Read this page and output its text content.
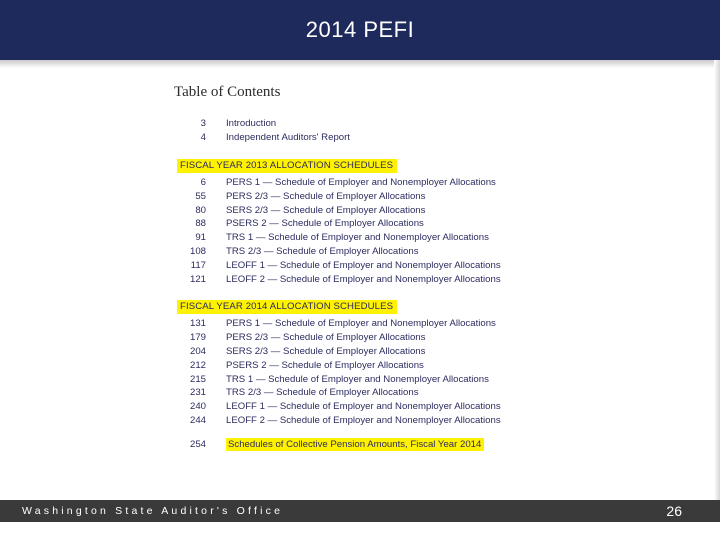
2014 PEFI
Table of Contents
3	Introduction
4	Independent Auditors' Report
FISCAL YEAR 2013 ALLOCATION SCHEDULES
6	PERS 1 — Schedule of Employer and Nonemployer Allocations
55	PERS 2/3 — Schedule of Employer Allocations
80	SERS 2/3 — Schedule of Employer Allocations
88	PSERS 2 — Schedule of Employer Allocations
91	TRS 1 — Schedule of Employer and Nonemployer Allocations
108	TRS 2/3 — Schedule of Employer Allocations
117	LEOFF 1 — Schedule of Employer and Nonemployer Allocations
121	LEOFF 2 — Schedule of Employer and Nonemployer Allocations
FISCAL YEAR 2014 ALLOCATION SCHEDULES
131	PERS 1 — Schedule of Employer and Nonemployer Allocations
179	PERS 2/3 — Schedule of Employer Allocations
204	SERS 2/3 — Schedule of Employer Allocations
212	PSERS 2 — Schedule of Employer Allocations
215	TRS 1 — Schedule of Employer and Nonemployer Allocations
231	TRS 2/3 — Schedule of Employer Allocations
240	LEOFF 1 — Schedule of Employer and Nonemployer Allocations
244	LEOFF 2 — Schedule of Employer and Nonemployer Allocations
254	Schedules of Collective Pension Amounts, Fiscal Year 2014
Washington State Auditor's Office	26
